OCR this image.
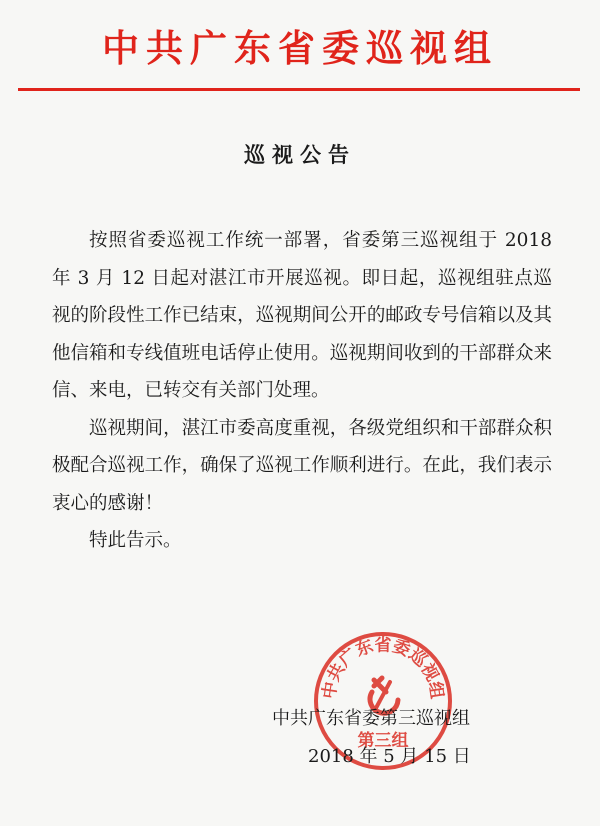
中共广东省委巡视组
巡视公告

按照省委巡视工作统一部署，省委第三巡视组于 2018 年 3 月 12 日起对湛江市开展巡视。即日起，巡视组驻点巡视的阶段性工作已结束，巡视期间公开的邮政专号信箱以及其他信箱和专线值班电话停止使用。巡视期间收到的干部群众来信、来电，已转交有关部门处理。

巡视期间，湛江市委高度重视，各级党组织和干部群众积极配合巡视工作，确保了巡视工作顺利进行。在此，我们表示衷心的感谢！

特此告示。

中共广东省委巡视组
第三组
中共广东省委第三巡视组
2018 年 5 月 15 日
